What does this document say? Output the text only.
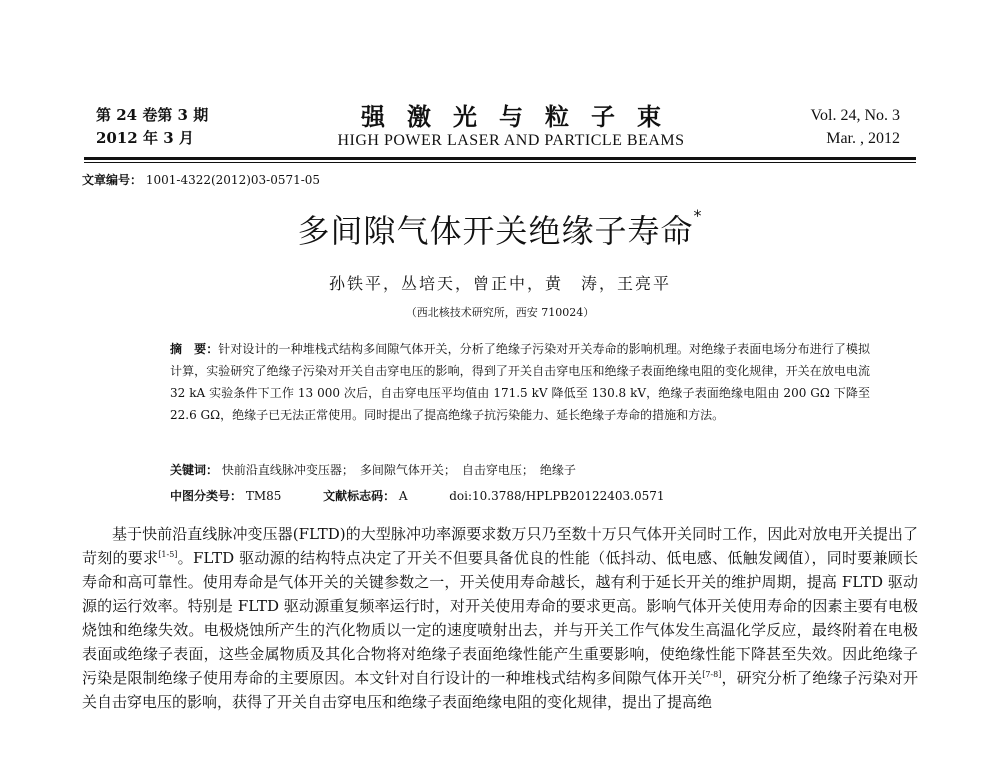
第 24 卷第 3 期
2012 年 3 月
强激光与粒子束
HIGH POWER LASER AND PARTICLE BEAMS
Vol. 24, No. 3
Mar. , 2012
文章编号： 1001-4322(2012)03-0571-05
多间隙气体开关绝缘子寿命*
孙铁平，丛培天，曾正中，黄　涛，王亮平
（西北核技术研究所，西安 710024）
摘　要：针对设计的一种堆栈式结构多间隙气体开关，分析了绝缘子污染对开关寿命的影响机理。对绝缘子表面电场分布进行了模拟计算，实验研究了绝缘子污染对开关自击穿电压的影响，得到了开关自击穿电压和绝缘子表面绝缘电阻的变化规律，开关在放电电流 32 kA 实验条件下工作 13 000 次后，自击穿电压平均值由 171.5 kV 降低至 130.8 kV，绝缘子表面绝缘电阻由 200 GΩ 下降至 22.6 GΩ，绝缘子已无法正常使用。同时提出了提高绝缘子抗污染能力、延长绝缘子寿命的措施和方法。
关键词： 快前沿直线脉冲变压器；　多间隙气体开关；　自击穿电压；　绝缘子
中图分类号： TM85	文献标志码： A	doi:10.3788/HPLPB20122403.0571
基于快前沿直线脉冲变压器(FLTD)的大型脉冲功率源要求数万只乃至数十万只气体开关同时工作，因此对放电开关提出了苛刻的要求[1-5]。FLTD 驱动源的结构特点决定了开关不但要具备优良的性能（低抖动、低电感、低触发阈值），同时要兼顾长寿命和高可靠性。使用寿命是气体开关的关键参数之一，开关使用寿命越长，越有利于延长开关的维护周期，提高 FLTD 驱动源的运行效率。特别是 FLTD 驱动源重复频率运行时，对开关使用寿命的要求更高。影响气体开关使用寿命的因素主要有电极烧蚀和绝缘失效。电极烧蚀所产生的汽化物质以一定的速度喷射出去，并与开关工作气体发生高温化学反应，最终附着在电极表面或绝缘子表面，这些金属物质及其化合物将对绝缘子表面绝缘性能产生重要影响，使绝缘性能下降甚至失效。因此绝缘子污染是限制绝缘子使用寿命的主要原因。本文针对自行设计的一种堆栈式结构多间隙气体开关[7-8]，研究分析了绝缘子污染对开关自击穿电压的影响，获得了开关自击穿电压和绝缘子表面绝缘电阻的变化规律，提出了提高绝
